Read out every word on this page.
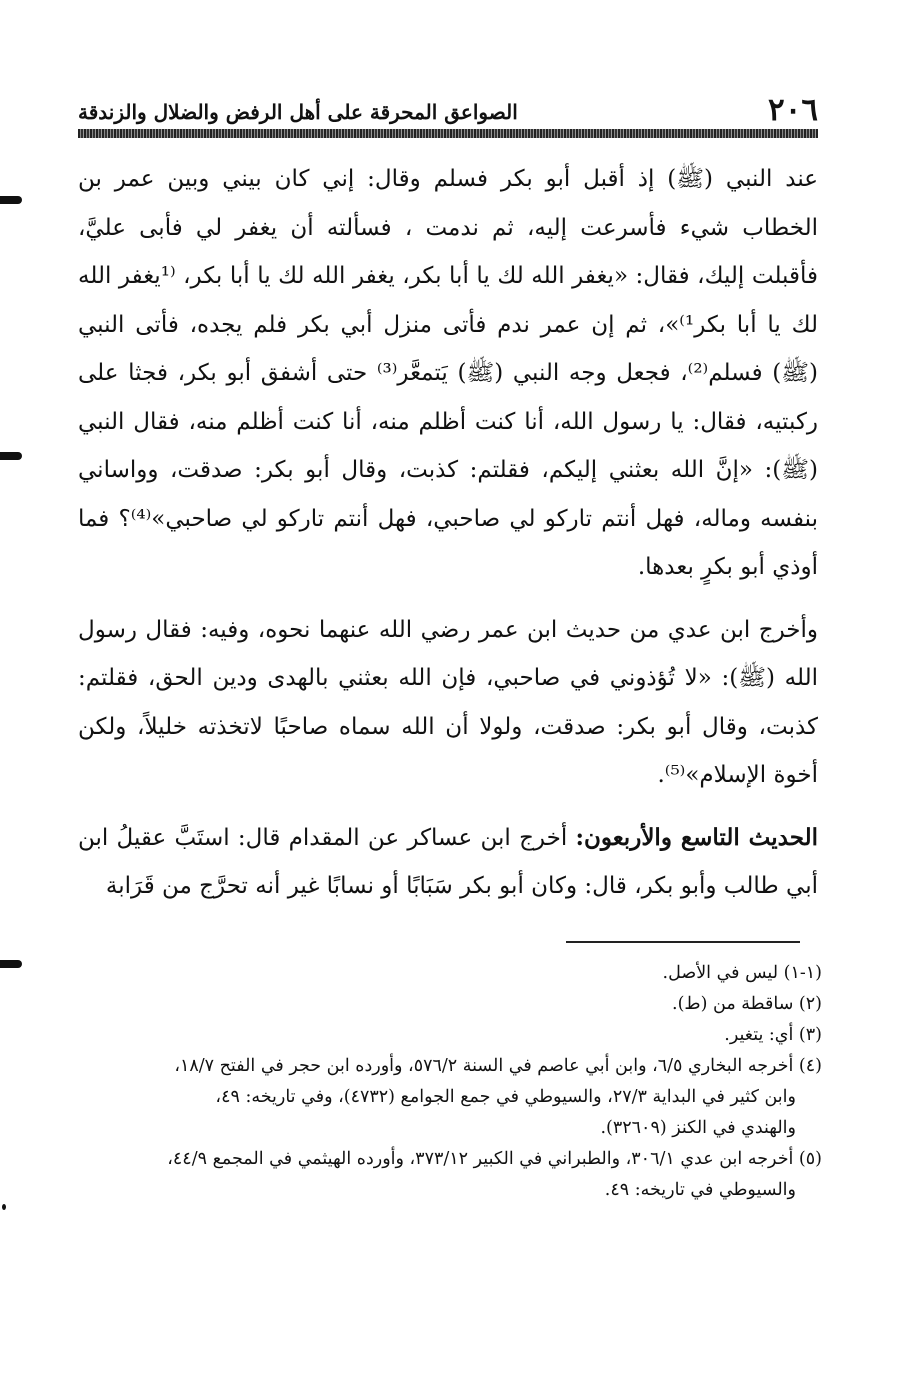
٢٠٦
الصواعق المحرقة على أهل الرفض والضلال والزندقة

عند النبي (ﷺ) إذ أقبل أبو بكر فسلم وقال: إني كان بيني وبين عمر بن الخطاب شيء فأسرعت إليه، ثم ندمت ، فسألته أن يغفر لي فأبى عليَّ، فأقبلت إليك، فقال: «يغفر الله لك يا أبا بكر، يغفر الله لك يا أبا بكر، ⁽¹يغفر الله لك يا أبا بكر¹⁾»، ثم إن عمر ندم فأتى منزل أبي بكر فلم يجده، فأتى النبي (ﷺ) فسلم⁽²⁾، فجعل وجه النبي (ﷺ) يَتمعَّر⁽³⁾ حتى أشفق أبو بكر، فجثا على ركبتيه، فقال: يا رسول الله، أنا كنت أظلم منه، أنا كنت أظلم منه، فقال النبي (ﷺ): «إنَّ الله بعثني إليكم، فقلتم: كذبت، وقال أبو بكر: صدقت، وواساني بنفسه وماله، فهل أنتم تاركو لي صاحبي، فهل أنتم تاركو لي صاحبي»⁽⁴⁾؟ فما أوذي أبو بكرٍ بعدها.

وأخرج ابن عدي من حديث ابن عمر رضي الله عنهما نحوه، وفيه: فقال رسول الله (ﷺ): «لا تُؤذوني في صاحبي، فإن الله بعثني بالهدى ودين الحق، فقلتم: كذبت، وقال أبو بكر: صدقت، ولولا أن الله سماه صاحبًا لاتخذته خليلاً، ولكن أخوة الإسلام»⁽⁵⁾.

الحديث التاسع والأربعون: أخرج ابن عساكر عن المقدام قال: استَبَّ عقيلُ ابن أبي طالب وأبو بكر، قال: وكان أبو بكر سَبَابًا أو نسابًا غير أنه تحرَّج من قَرَابة

(١-١) ليس في الأصل.

(٢) ساقطة من (ط).

(٣) أي: يتغير.

(٤) أخرجه البخاري ٦/٥، وابن أبي عاصم في السنة ٥٧٦/٢، وأورده ابن حجر في الفتح ١٨/٧،

وابن كثير في البداية ٢٧/٣، والسيوطي في جمع الجوامع (٤٧٣٢)، وفي تاريخه: ٤٩،

والهندي في الكنز (٣٢٦٠٩).

(٥) أخرجه ابن عدي ٣٠٦/١، والطبراني في الكبير ٣٧٣/١٢، وأورده الهيثمي في المجمع ٤٤/٩،

والسيوطي في تاريخه: ٤٩.
